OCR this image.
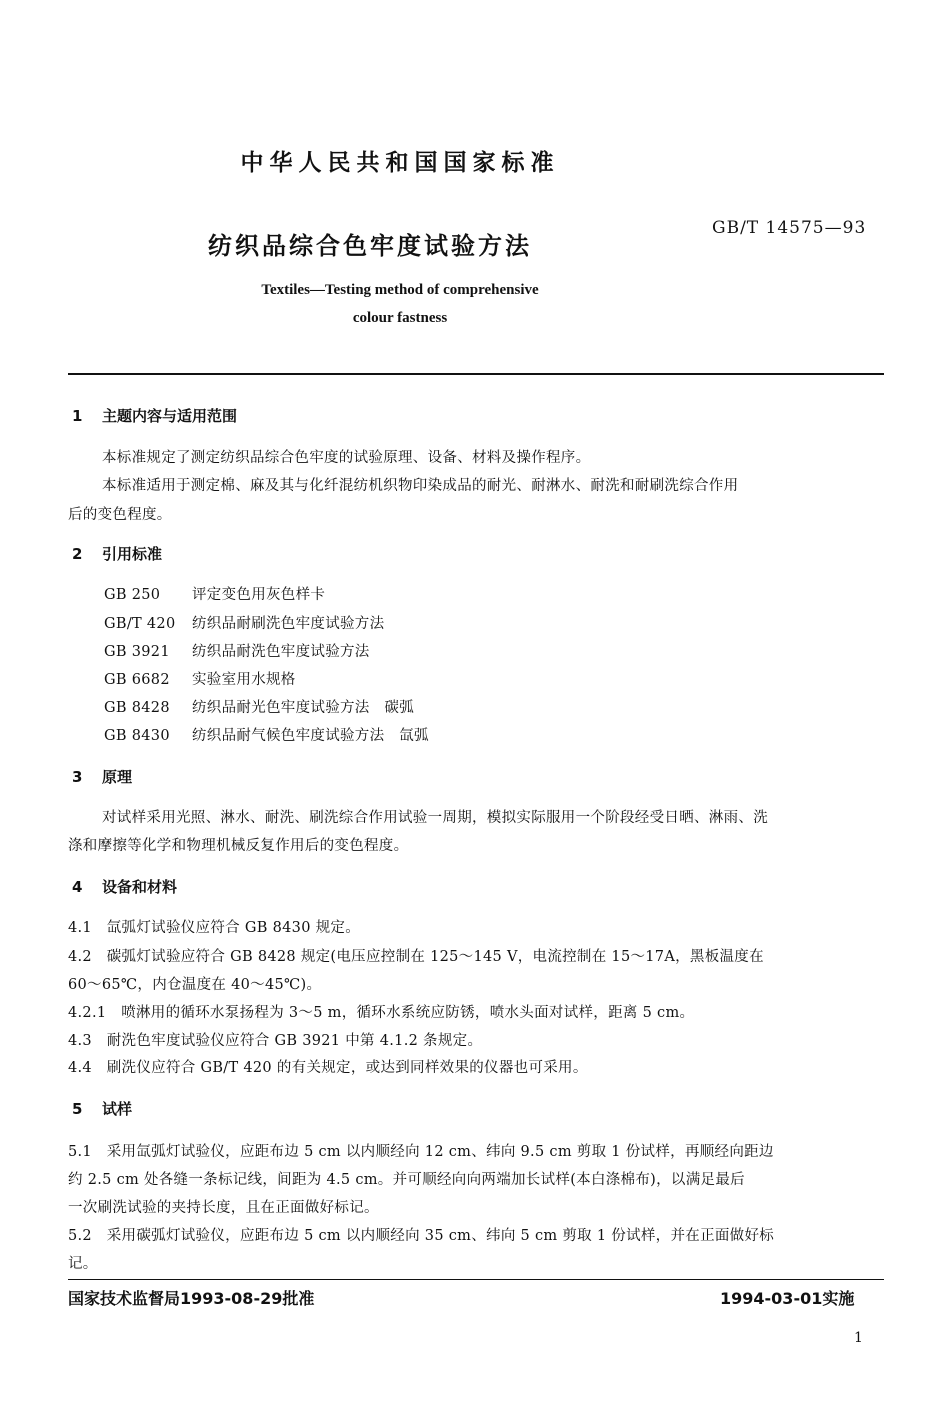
中华人民共和国国家标准
纺织品综合色牢度试验方法
GB/T 14575—93
Textiles—Testing method of comprehensive
colour fastness
1 主题内容与适用范围
本标准规定了测定纺织品综合色牢度的试验原理、设备、材料及操作程序。
本标准适用于测定棉、麻及其与化纤混纺机织物印染成品的耐光、耐淋水、耐洗和耐刷洗综合作用
后的变色程度。
2 引用标准
GB 250 评定变色用灰色样卡
GB/T 420 纺织品耐刷洗色牢度试验方法
GB 3921 纺织品耐洗色牢度试验方法
GB 6682 实验室用水规格
GB 8428 纺织品耐光色牢度试验方法　碳弧
GB 8430 纺织品耐气候色牢度试验方法　氙弧
3 原理
对试样采用光照、淋水、耐洗、刷洗综合作用试验一周期，模拟实际服用一个阶段经受日晒、淋雨、洗
涤和摩擦等化学和物理机械反复作用后的变色程度。
4 设备和材料
4.1　氙弧灯试验仪应符合 GB 8430 规定。
4.2　碳弧灯试验应符合 GB 8428 规定(电压应控制在 125～145 V，电流控制在 15～17A，黑板温度在
60～65℃，内仓温度在 40～45℃)。
4.2.1　喷淋用的循环水泵扬程为 3～5 m，循环水系统应防锈，喷水头面对试样，距离 5 cm。
4.3　耐洗色牢度试验仪应符合 GB 3921 中第 4.1.2 条规定。
4.4　刷洗仪应符合 GB/T 420 的有关规定，或达到同样效果的仪器也可采用。
5 试样
5.1　采用氙弧灯试验仪，应距布边 5 cm 以内顺经向 12 cm、纬向 9.5 cm 剪取 1 份试样，再顺经向距边
约 2.5 cm 处各缝一条标记线，间距为 4.5 cm。并可顺经向向两端加长试样(本白涤棉布)，以满足最后
一次刷洗试验的夹持长度，且在正面做好标记。
5.2　采用碳弧灯试验仪，应距布边 5 cm 以内顺经向 35 cm、纬向 5 cm 剪取 1 份试样，并在正面做好标
记。
国家技术监督局1993-08-29批准	1994-03-01实施
1
